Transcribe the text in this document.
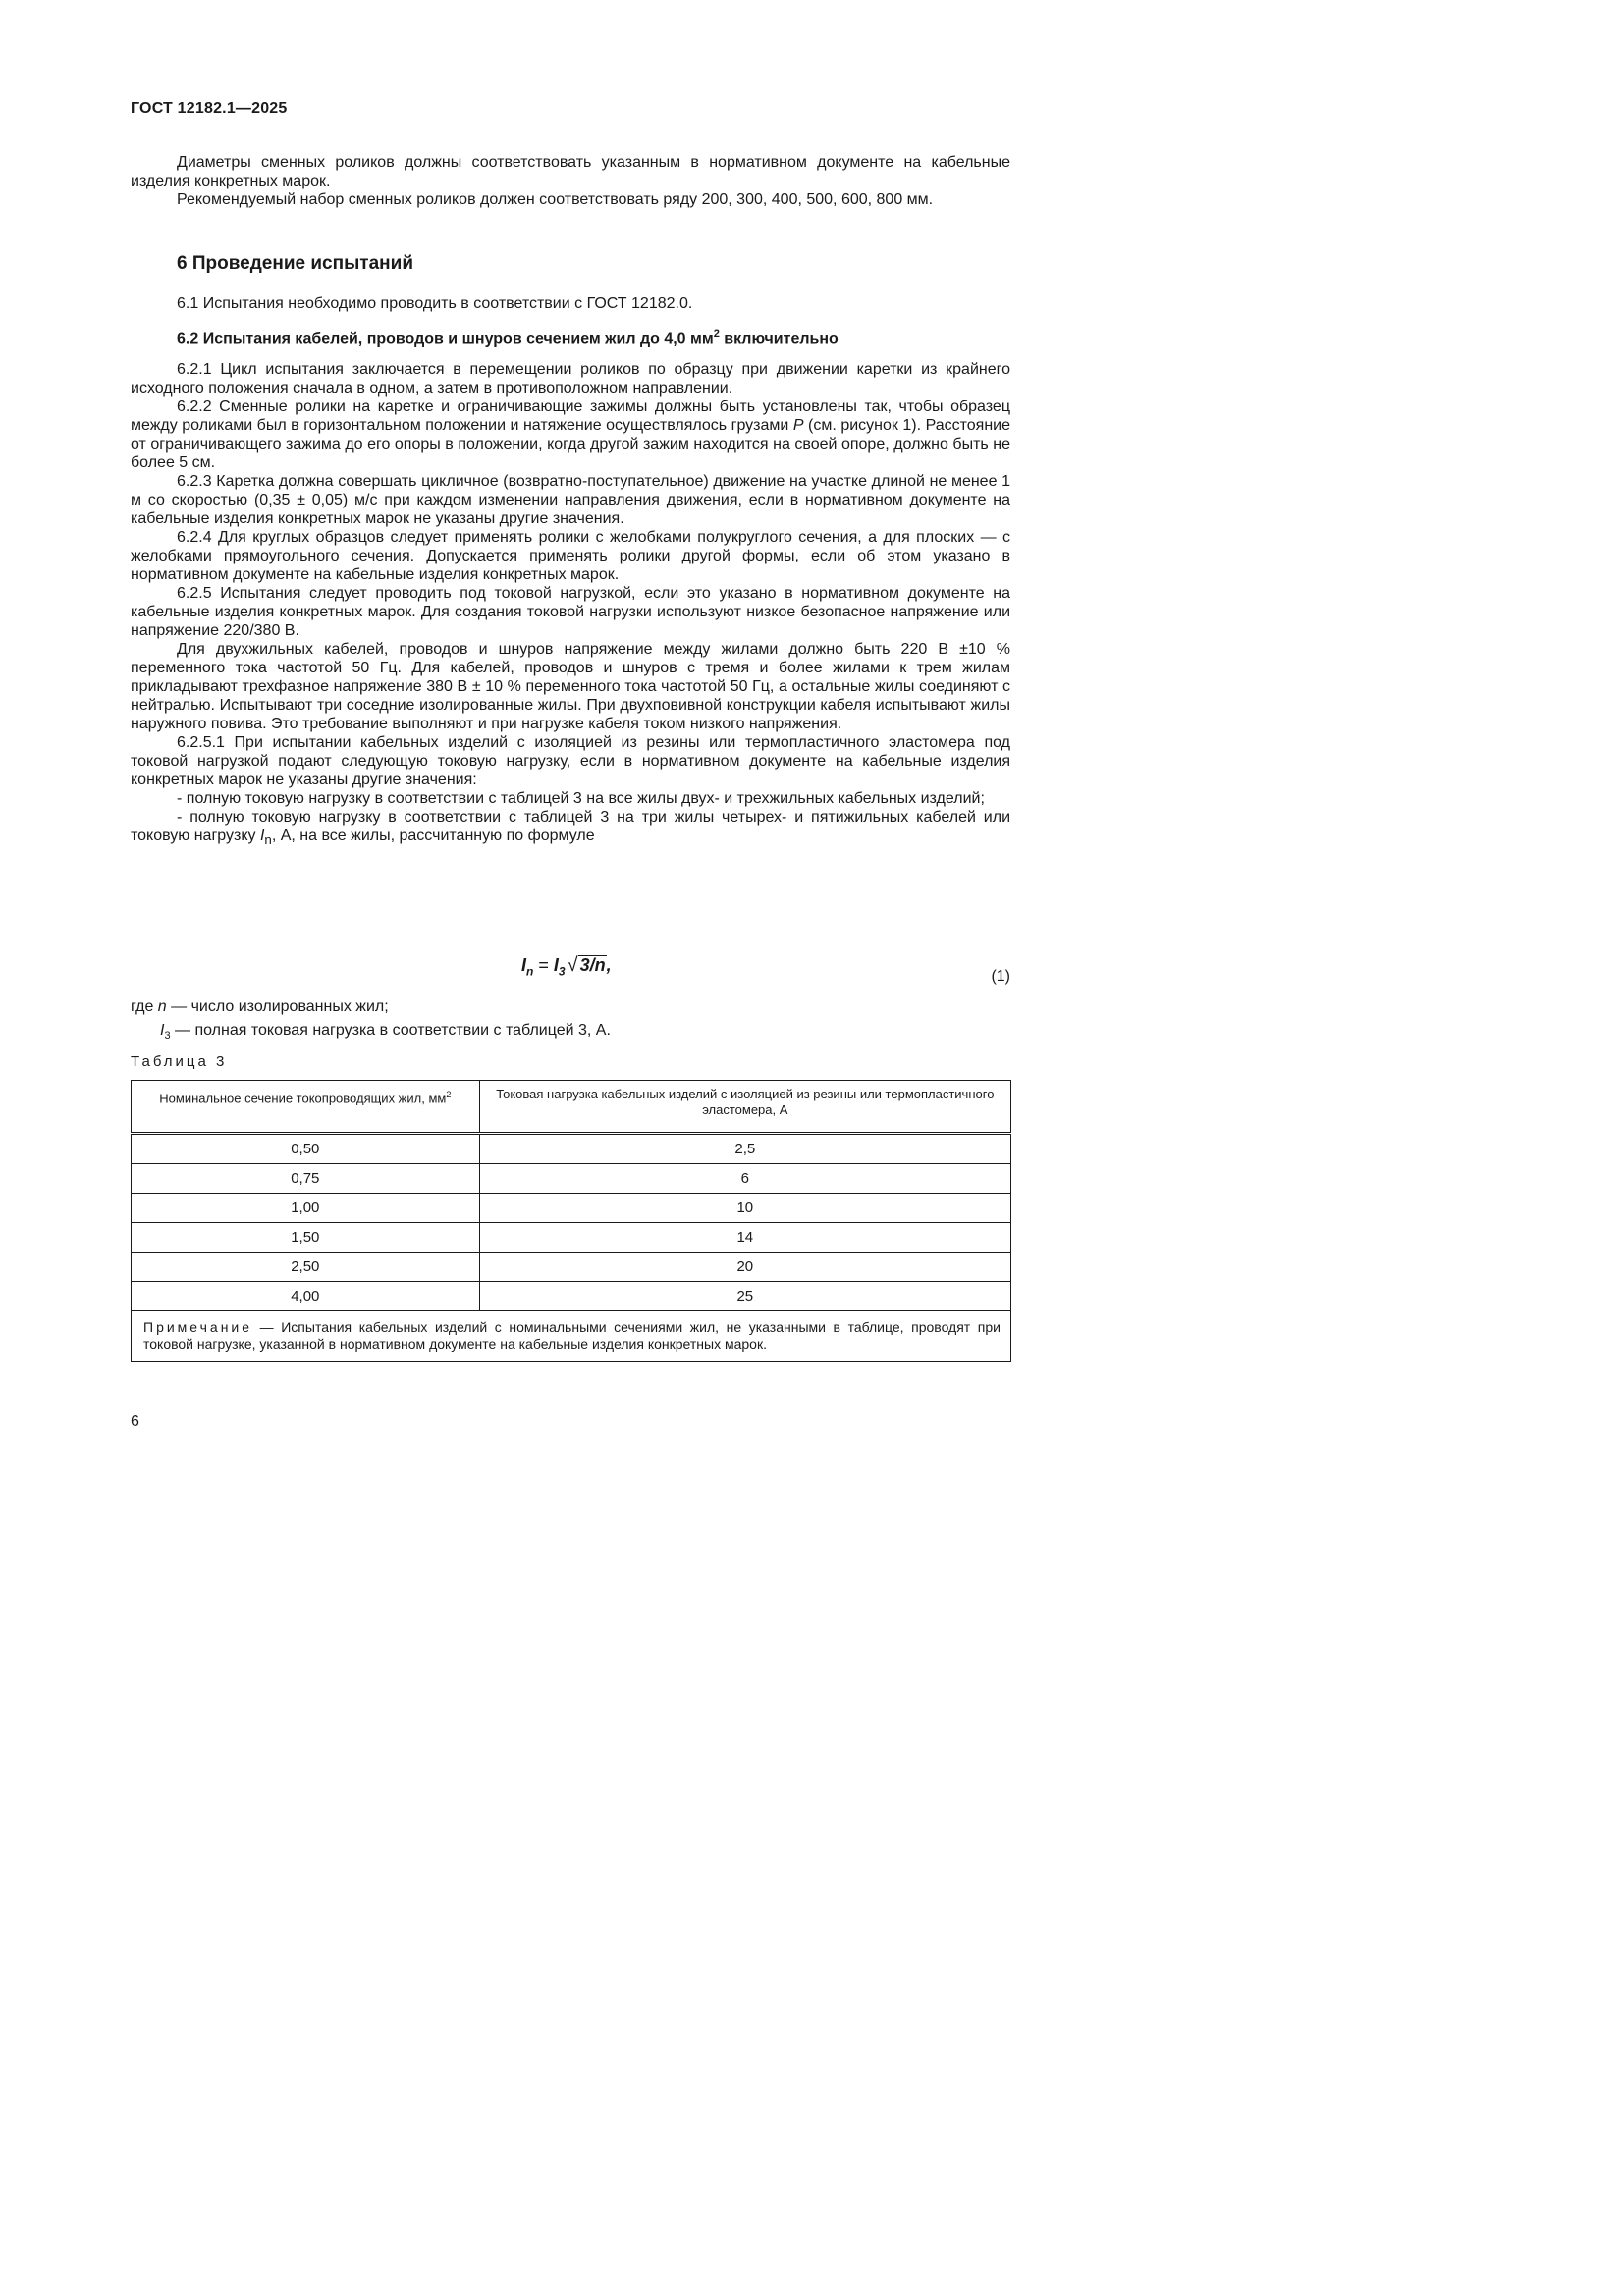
ГОСТ 12182.1—2025

Диаметры сменных роликов должны соответствовать указанным в нормативном документе на кабельные изделия конкретных марок.

Рекомендуемый набор сменных роликов должен соответствовать ряду 200, 300, 400, 500, 600, 800 мм.

6 Проведение испытаний

6.1 Испытания необходимо проводить в соответствии с ГОСТ 12182.0.

6.2 Испытания кабелей, проводов и шнуров сечением жил до 4,0 $мм^2$ включительно

6.2.1 Цикл испытания заключается в перемещении роликов по образцу при движении каретки из крайнего исходного положения сначала в одном, а затем в противоположном направлении.

6.2.2 Сменные ролики на каретке и ограничивающие зажимы должны быть установлены так, чтобы образец между роликами был в горизонтальном положении и натяжение осуществлялось грузами P (см. рисунок 1). Расстояние от ограничивающего зажима до его опоры в положении, когда другой зажим находится на своей опоре, должно быть не более 5 см.

6.2.3 Каретка должна совершать цикличное (возвратно-поступательное) движение на участке длиной не менее 1 м со скоростью (0,35 ± 0,05) м/с при каждом изменении направления движения, если в нормативном документе на кабельные изделия конкретных марок не указаны другие значения.

6.2.4 Для круглых образцов следует применять ролики с желобками полукруглого сечения, а для плоских — с желобками прямоугольного сечения. Допускается применять ролики другой формы, если об этом указано в нормативном документе на кабельные изделия конкретных марок.

6.2.5 Испытания следует проводить под токовой нагрузкой, если это указано в нормативном документе на кабельные изделия конкретных марок. Для создания токовой нагрузки используют низкое безопасное напряжение или напряжение 220/380 В.

Для двухжильных кабелей, проводов и шнуров напряжение между жилами должно быть 220 В ±10 % переменного тока частотой 50 Гц. Для кабелей, проводов и шнуров с тремя и более жилами к трем жилам прикладывают трехфазное напряжение 380 В ± 10 % переменного тока частотой 50 Гц, а остальные жилы соединяют с нейтралью. Испытывают три соседние изолированные жилы. При двухповивной конструкции кабеля испытывают жилы наружного повива. Это требование выполняют и при нагрузке кабеля током низкого напряжения.

6.2.5.1 При испытании кабельных изделий с изоляцией из резины или термопластичного эластомера под токовой нагрузкой подают следующую токовую нагрузку, если в нормативном документе на кабельные изделия конкретных марок не указаны другие значения:

- полную токовую нагрузку в соответствии с таблицей 3 на все жилы двух- и трехжильных кабельных изделий;

- полную токовую нагрузку в соответствии с таблицей 3 на три жилы четырех- и пятижильных кабелей или токовую нагрузку $I_n$, А, на все жилы, рассчитанную по формуле

$I_n = I_3$ √ 3/n,
(1)
где n — число изолированных жил;
$I_3$ — полная токовая нагрузка в соответствии с таблицей 3, А.
Таблица 3
Номинальное сечение токопроводящих жил, $мм^2$	Токовая нагрузка кабельных изделий с изоляцией из резины или термопластичного эластомера, А
0,50	2,5
0,75	6
1,00	10
1,50	14
2,50	20
4,00	25
Примечание — Испытания кабельных изделий с номинальными сечениями жил, не указанными в таблице, проводят при токовой нагрузке, указанной в нормативном документе на кабельные изделия конкретных марок.	
6
